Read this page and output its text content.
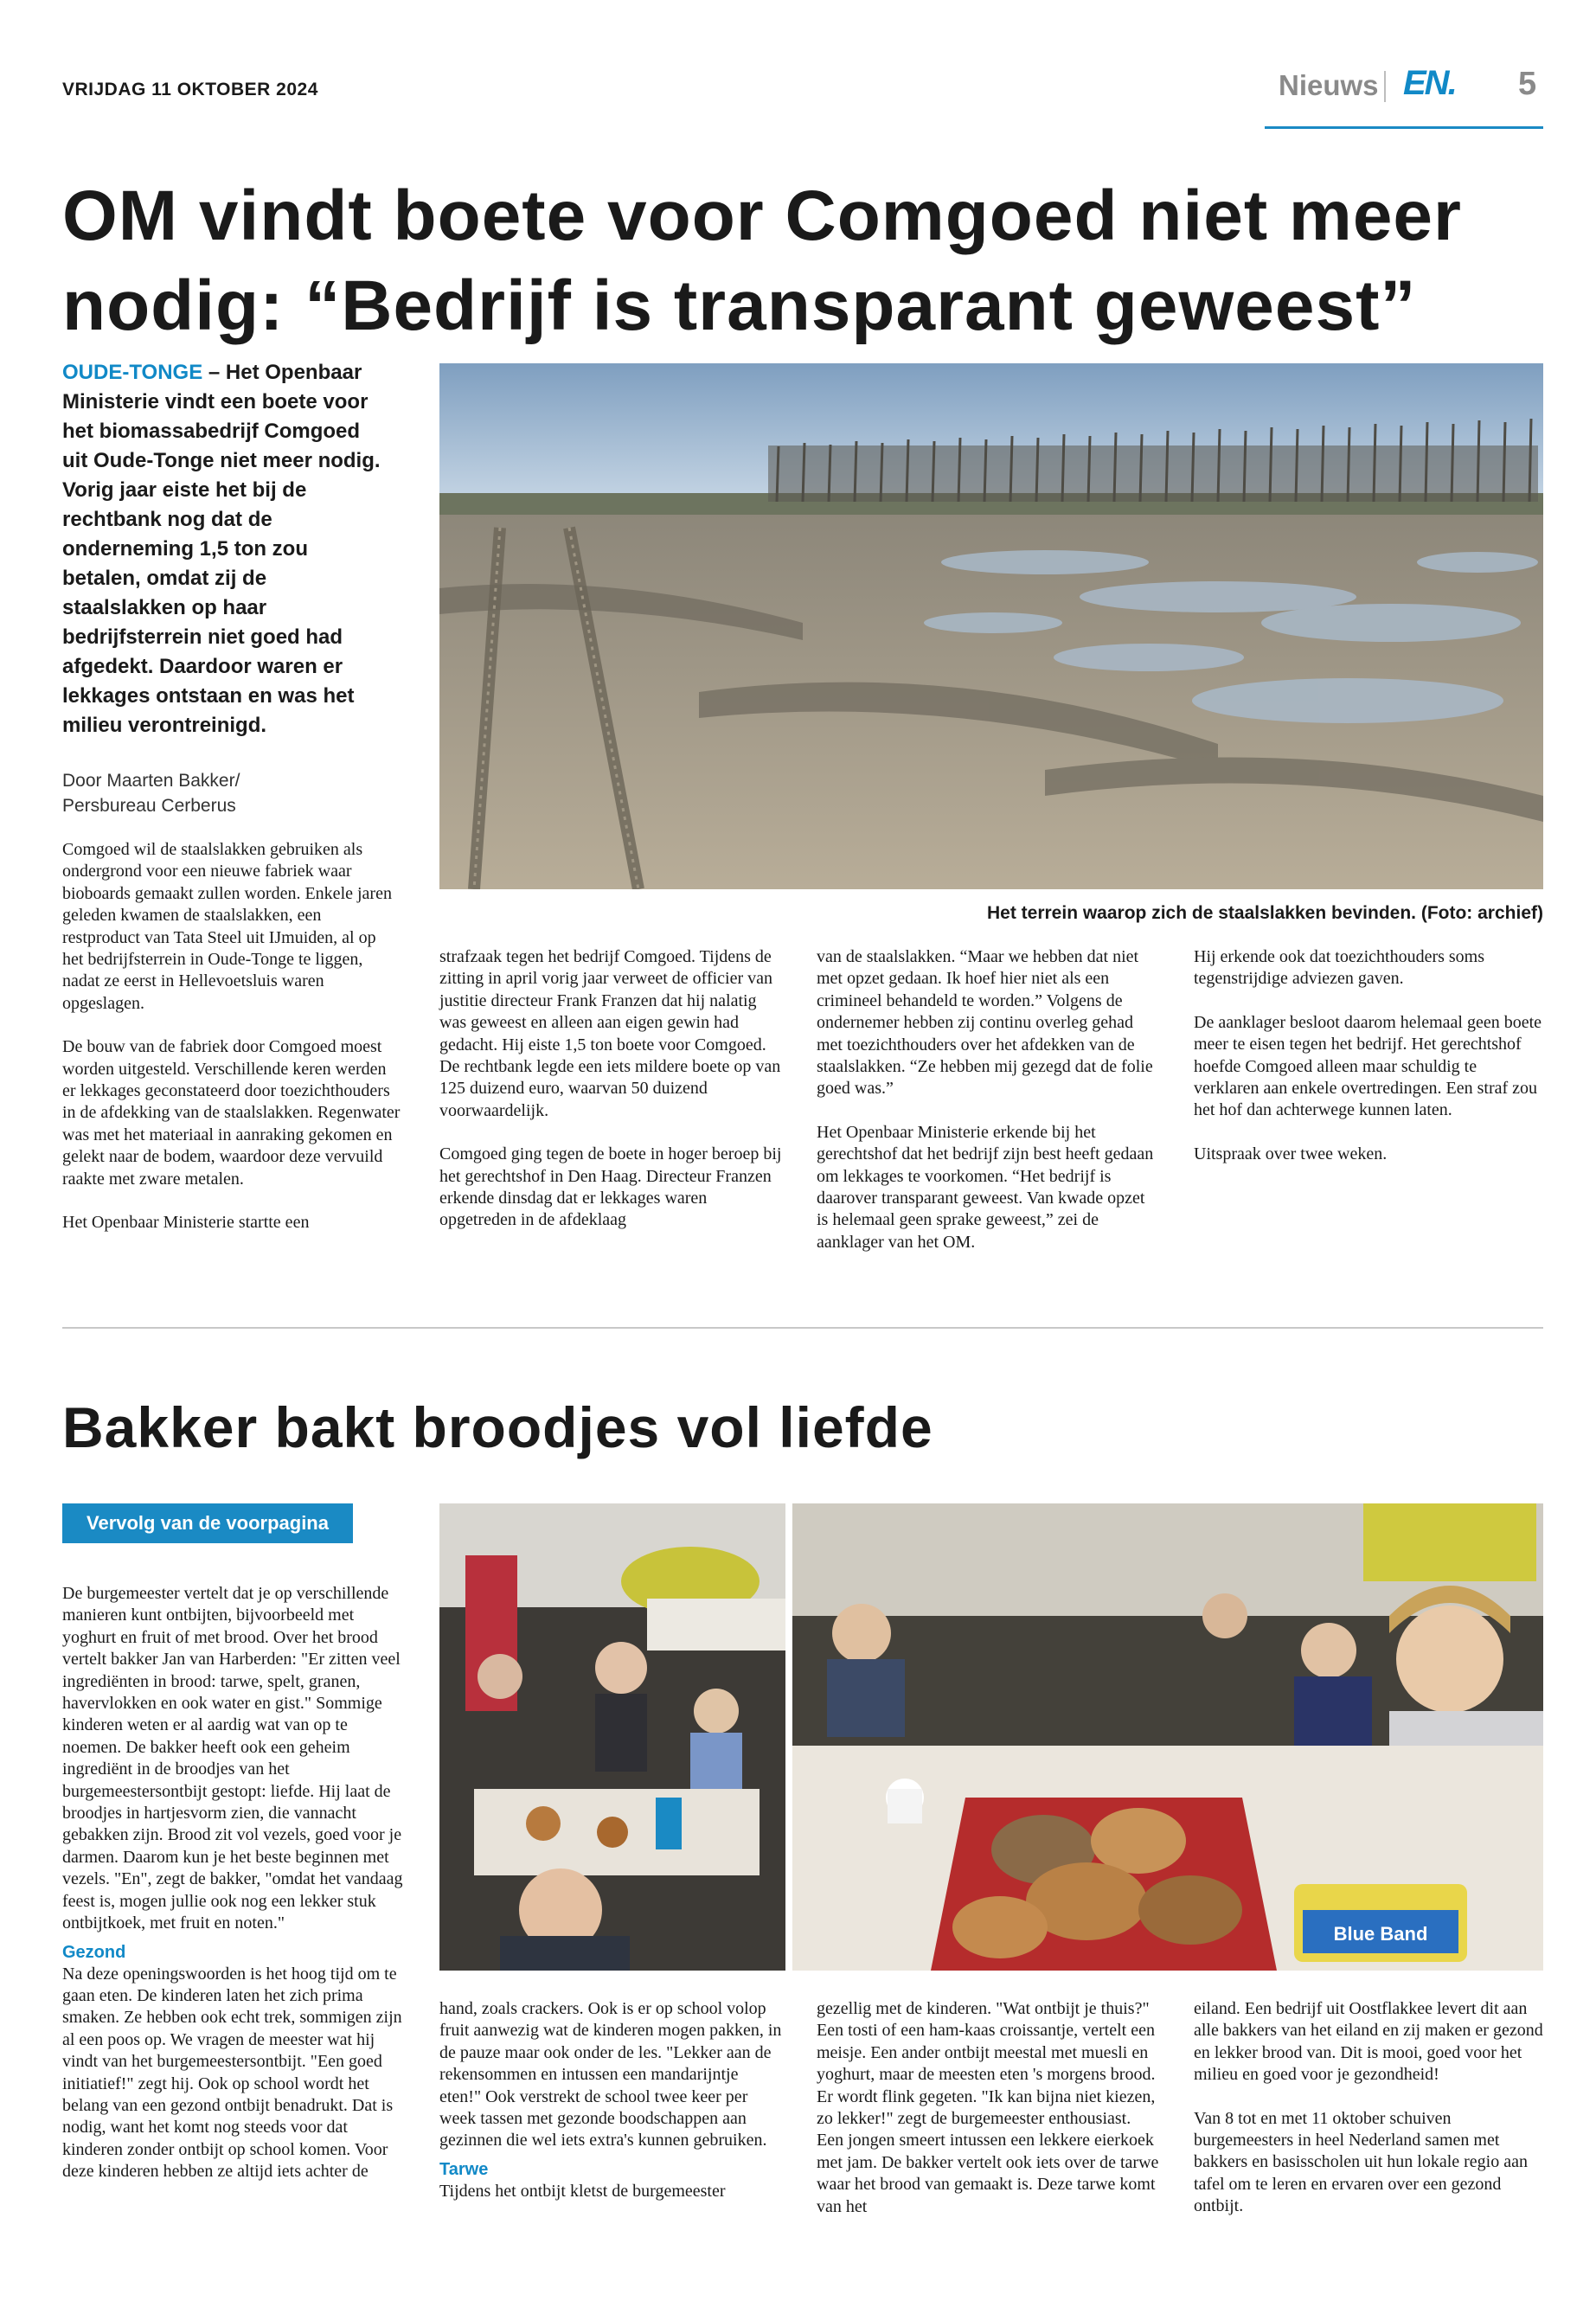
VRIJDAG 11 OKTOBER 2024	Nieuws EN. 5
OM vindt boete voor Comgoed niet meer
nodig: “Bedrijf is transparant geweest”
OUDE-TONGE – Het Openbaar Ministerie vindt een boete voor het biomassabedrijf Comgoed uit Oude-Tonge niet meer nodig. Vorig jaar eiste het bij de rechtbank nog dat de onderneming 1,5 ton zou betalen, omdat zij de staalslakken op haar bedrijfsterrein niet goed had afgedekt. Daardoor waren er lekkages ontstaan en was het milieu verontreinigd.
Door Maarten Bakker/
Persbureau Cerberus
Het terrein waarop zich de staalslakken bevinden. (Foto: archief)

Comgoed wil de staalslakken gebruiken als ondergrond voor een nieuwe fabriek waar bioboards gemaakt zullen worden. Enkele jaren geleden kwamen de staalslakken, een restproduct van Tata Steel uit IJmuiden, al op het bedrijfsterrein in Oude-Tonge te liggen, nadat ze eerst in Hellevoetsluis waren opgeslagen.

De bouw van de fabriek door Comgoed moest worden uitgesteld. Verschillende keren werden er lekkages geconstateerd door toezichthouders in de afdekking van de staalslakken. Regenwater was met het materiaal in aanraking gekomen en gelekt naar de bodem, waardoor deze vervuild raakte met zware metalen.

Het Openbaar Ministerie startte een

strafzaak tegen het bedrijf Comgoed. Tijdens de zitting in april vorig jaar verweet de officier van justitie directeur Frank Franzen dat hij nalatig was geweest en alleen aan eigen gewin had gedacht. Hij eiste 1,5 ton boete voor Comgoed. De rechtbank legde een iets mildere boete op van 125 duizend euro, waarvan 50 duizend voorwaardelijk.

Comgoed ging tegen de boete in hoger beroep bij het gerechtshof in Den Haag. Directeur Franzen erkende dinsdag dat er lekkages waren opgetreden in de afdeklaag

van de staalslakken. “Maar we hebben dat niet met opzet gedaan. Ik hoef hier niet als een crimineel behandeld te worden.” Volgens de ondernemer hebben zij continu overleg gehad met toezichthouders over het afdekken van de staalslakken. “Ze hebben mij gezegd dat de folie goed was.”

Het Openbaar Ministerie erkende bij het gerechtshof dat het bedrijf zijn best heeft gedaan om lekkages te voorkomen. “Het bedrijf is daarover transparant geweest. Van kwade opzet is helemaal geen sprake geweest,” zei de aanklager van het OM.

Hij erkende ook dat toezichthouders soms tegenstrijdige adviezen gaven.

De aanklager besloot daarom helemaal geen boete meer te eisen tegen het bedrijf. Het gerechtshof hoefde Comgoed alleen maar schuldig te verklaren aan enkele overtredingen. Een straf zou het hof dan achterwege kunnen laten.

Uitspraak over twee weken.

Bakker bakt broodjes vol liefde
Vervolg van de voorpagina
Blue Band

De burgemeester vertelt dat je op verschillende manieren kunt ontbijten, bijvoorbeeld met yoghurt en fruit of met brood. Over het brood vertelt bakker Jan van Harberden: "Er zitten veel ingrediënten in brood: tarwe, spelt, granen, havervlokken en ook water en gist." Sommige kinderen weten er al aardig wat van op te noemen. De bakker heeft ook een geheim ingrediënt in de broodjes van het burgemeestersontbijt gestopt: liefde. Hij laat de broodjes in hartjesvorm zien, die vannacht gebakken zijn. Brood zit vol vezels, goed voor je darmen. Daarom kun je het beste beginnen met vezels. "En", zegt de bakker, "omdat het vandaag feest is, mogen jullie ook nog een lekker stuk ontbijtkoek, met fruit en noten."

Gezond

Na deze openingswoorden is het hoog tijd om te gaan eten. De kinderen laten het zich prima smaken. Ze hebben ook echt trek, sommigen zijn al een poos op. We vragen de meester wat hij vindt van het burgemeestersontbijt. "Een goed initiatief!" zegt hij. Ook op school wordt het belang van een gezond ontbijt benadrukt. Dat is nodig, want het komt nog steeds voor dat kinderen zonder ontbijt op school komen. Voor deze kinderen hebben ze altijd iets achter de

hand, zoals crackers. Ook is er op school volop fruit aanwezig wat de kinderen mogen pakken, in de pauze maar ook onder de les. "Lekker aan de rekensommen en intussen een mandarijntje eten!" Ook verstrekt de school twee keer per week tassen met gezonde boodschappen aan gezinnen die wel iets extra's kunnen gebruiken.

Tarwe

Tijdens het ontbijt kletst de burgemeester

gezellig met de kinderen. "Wat ontbijt je thuis?" Een tosti of een ham-kaas croissantje, vertelt een meisje. Een ander ontbijt meestal met muesli en yoghurt, maar de meesten eten 's morgens brood. Er wordt flink gegeten. "Ik kan bijna niet kiezen, zo lekker!" zegt de burgemeester enthousiast. Een jongen smeert intussen een lekkere eierkoek met jam. De bakker vertelt ook iets over de tarwe waar het brood van gemaakt is. Deze tarwe komt van het

eiland. Een bedrijf uit Oostflakkee levert dit aan alle bakkers van het eiland en zij maken er gezond en lekker brood van. Dit is mooi, goed voor het milieu en goed voor je gezondheid!

Van 8 tot en met 11 oktober schuiven burgemeesters in heel Nederland samen met bakkers en basisscholen uit hun lokale regio aan tafel om te leren en ervaren over een gezond ontbijt.
